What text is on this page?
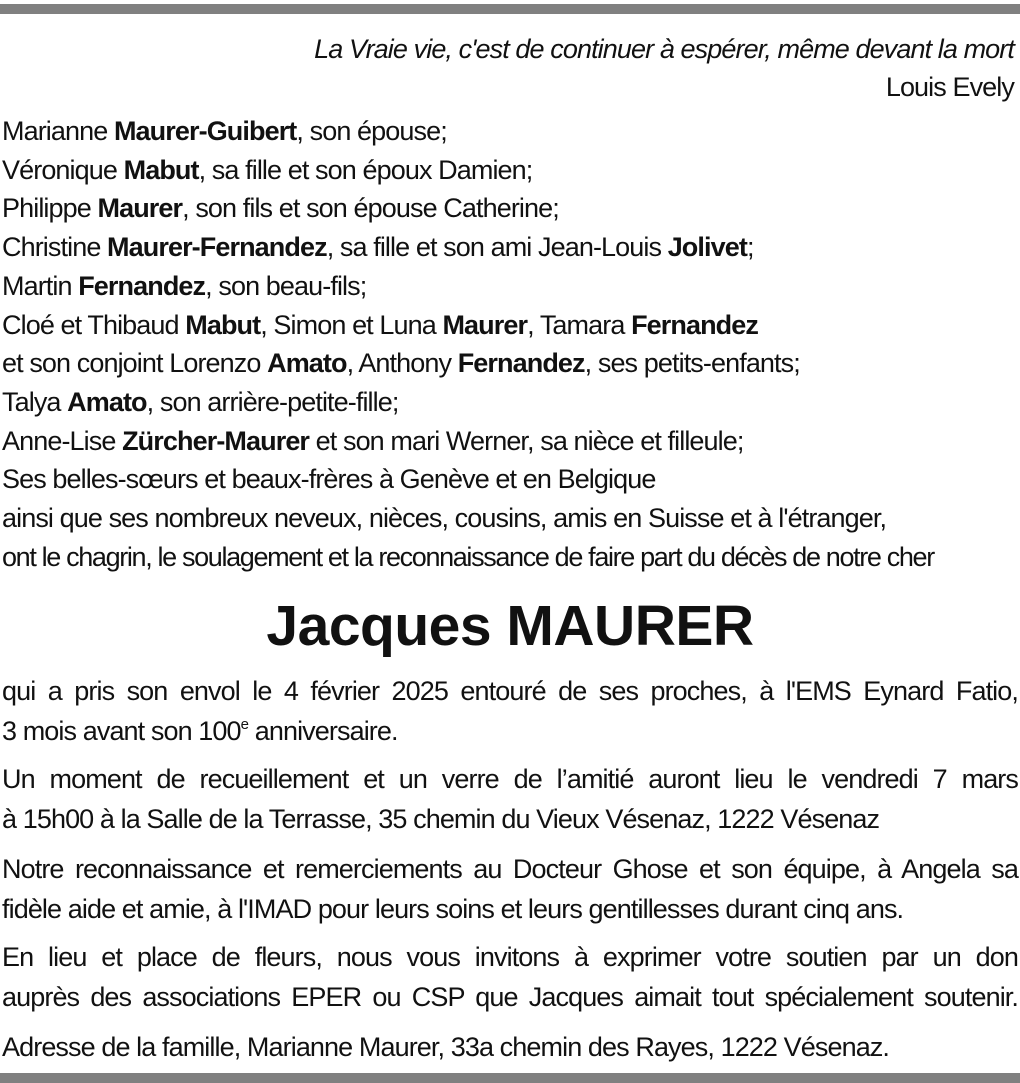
La Vraie vie, c'est de continuer à espérer, même devant la mort
Louis Evely
Marianne Maurer-Guibert, son épouse;
Véronique Mabut, sa fille et son époux Damien;
Philippe Maurer, son fils et son épouse Catherine;
Christine Maurer-Fernandez, sa fille et son ami Jean-Louis Jolivet;
Martin Fernandez, son beau-fils;
Cloé et Thibaud Mabut, Simon et Luna Maurer, Tamara Fernandez
et son conjoint Lorenzo Amato, Anthony Fernandez, ses petits-enfants;
Talya Amato, son arrière-petite-fille;
Anne-Lise Zürcher-Maurer et son mari Werner, sa nièce et filleule;
Ses belles-sœurs et beaux-frères à Genève et en Belgique
ainsi que ses nombreux neveux, nièces, cousins, amis en Suisse et à l'étranger,
ont le chagrin, le soulagement et la reconnaissance de faire part du décès de notre cher
Jacques MAURER
qui a pris son envol le 4 février 2025 entouré de ses proches, à l'EMS Eynard Fatio,
3 mois avant son 100e anniversaire.
Un moment de recueillement et un verre de l’amitié auront lieu le vendredi 7 mars
à 15h00 à la Salle de la Terrasse, 35 chemin du Vieux Vésenaz, 1222 Vésenaz
Notre reconnaissance et remerciements au Docteur Ghose et son équipe, à Angela sa
fidèle aide et amie, à l'IMAD pour leurs soins et leurs gentillesses durant cinq ans.
En lieu et place de fleurs, nous vous invitons à exprimer votre soutien par un don
auprès des associations EPER ou CSP que Jacques aimait tout spécialement soutenir.
Adresse de la famille, Marianne Maurer, 33a chemin des Rayes, 1222 Vésenaz.
